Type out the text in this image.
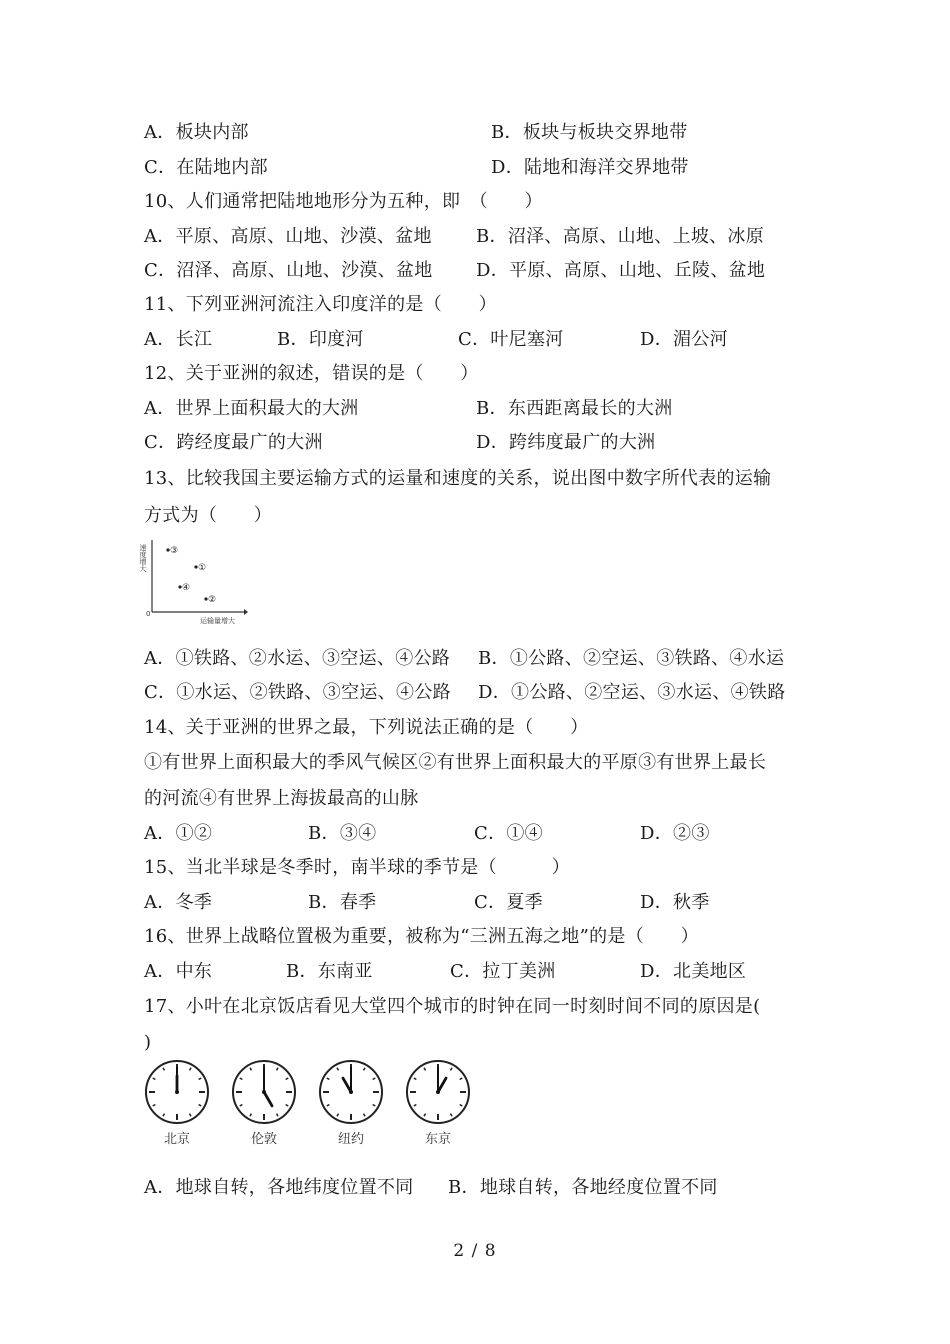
A．板块内部	B．板块与板块交界地带
C．在陆地内部	D．陆地和海洋交界地带
10、人们通常把陆地地形分为五种，即　（　　）
A．平原、高原、山地、沙漠、盆地 B．沼泽、高原、山地、上坡、冰原
C．沼泽、高原、山地、沙漠、盆地 D．平原、高原、山地、丘陵、盆地
11、下列亚洲河流注入印度洋的是（　　）
A．长江	B．印度河	C．叶尼塞河	D．湄公河
12、关于亚洲的叙述，错误的是（　　）
A．世界上面积最大的大洲	B．东西距离最长的大洲
C．跨经度最广的大洲	D．跨纬度最广的大洲
13、比较我国主要运输方式的运量和速度的关系，说出图中数字所代表的运输
方式为（　　）
速度增大
0
运输量增大
③
①
④
②
A．①铁路、②水运、③空运、④公路 B．①公路、②空运、③铁路、④水运
C．①水运、②铁路、③空运、④公路 D．①公路、②空运、③水运、④铁路
14、关于亚洲的世界之最，下列说法正确的是（　　）
①有世界上面积最大的季风气候区②有世界上面积最大的平原③有世界上最长
的河流④有世界上海拔最高的山脉
A．①②	B．③④	C．①④	D．②③
15、当北半球是冬季时，南半球的季节是（　　　）
A．冬季	B．春季	C．夏季	D．秋季
16、世界上战略位置极为重要，被称为“三洲五海之地”的是（　　）
A．中东	B．东南亚	C．拉丁美洲	D．北美地区
17、小叶在北京饭店看见大堂四个城市的时钟在同一时刻时间不同的原因是(
)
北京	伦敦	纽约	东京
A．地球自转，各地纬度位置不同 B．地球自转，各地经度位置不同
2 / 8
